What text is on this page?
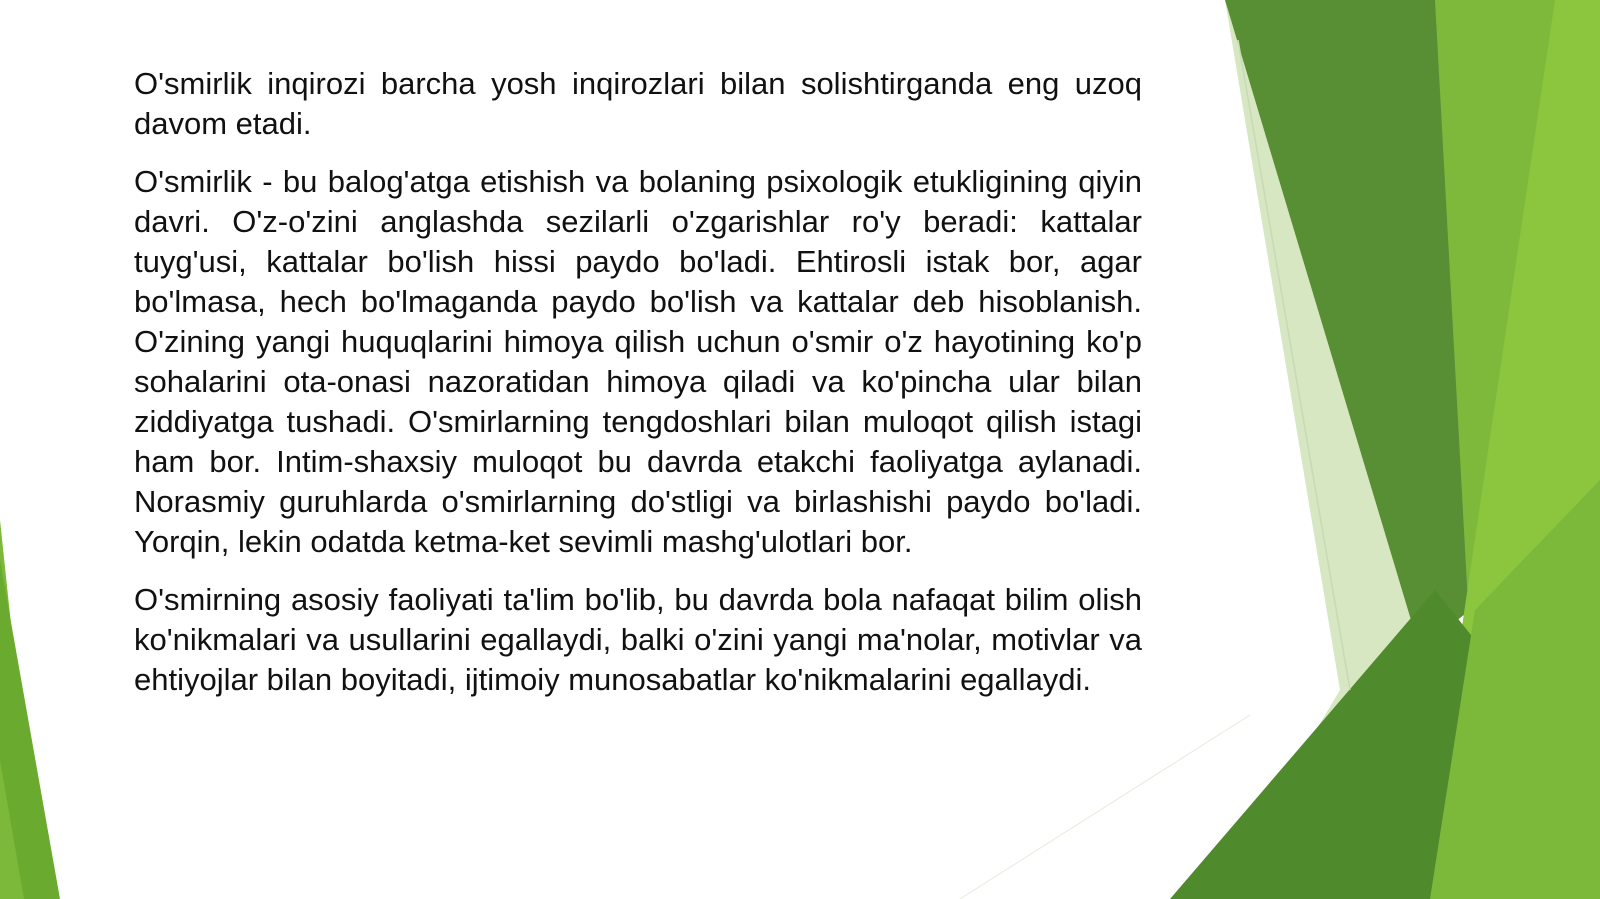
O'smirlik inqirozi barcha yosh inqirozlari bilan solishtirganda eng uzoq davom etadi.

O'smirlik - bu balog'atga etishish va bolaning psixologik etukligining qiyin davri. O'z-o'zini anglashda sezilarli o'zgarishlar ro'y beradi: kattalar tuyg'usi, kattalar bo'lish hissi paydo bo'ladi. Ehtirosli istak bor, agar bo'lmasa, hech bo'lmaganda paydo bo'lish va kattalar deb hisoblanish. O'zining yangi huquqlarini himoya qilish uchun o'smir o'z hayotining ko'p sohalarini ota-onasi nazoratidan himoya qiladi va ko'pincha ular bilan ziddiyatga tushadi. O'smirlarning tengdoshlari bilan muloqot qilish istagi ham bor. Intim-shaxsiy muloqot bu davrda etakchi faoliyatga aylanadi. Norasmiy guruhlarda o'smirlarning do'stligi va birlashishi paydo bo'ladi. Yorqin, lekin odatda ketma-ket sevimli mashg'ulotlari bor.

O'smirning asosiy faoliyati ta'lim bo'lib, bu davrda bola nafaqat bilim olish ko'nikmalari va usullarini egallaydi, balki o'zini yangi ma'nolar, motivlar va ehtiyojlar bilan boyitadi, ijtimoiy munosabatlar ko'nikmalarini egallaydi.
